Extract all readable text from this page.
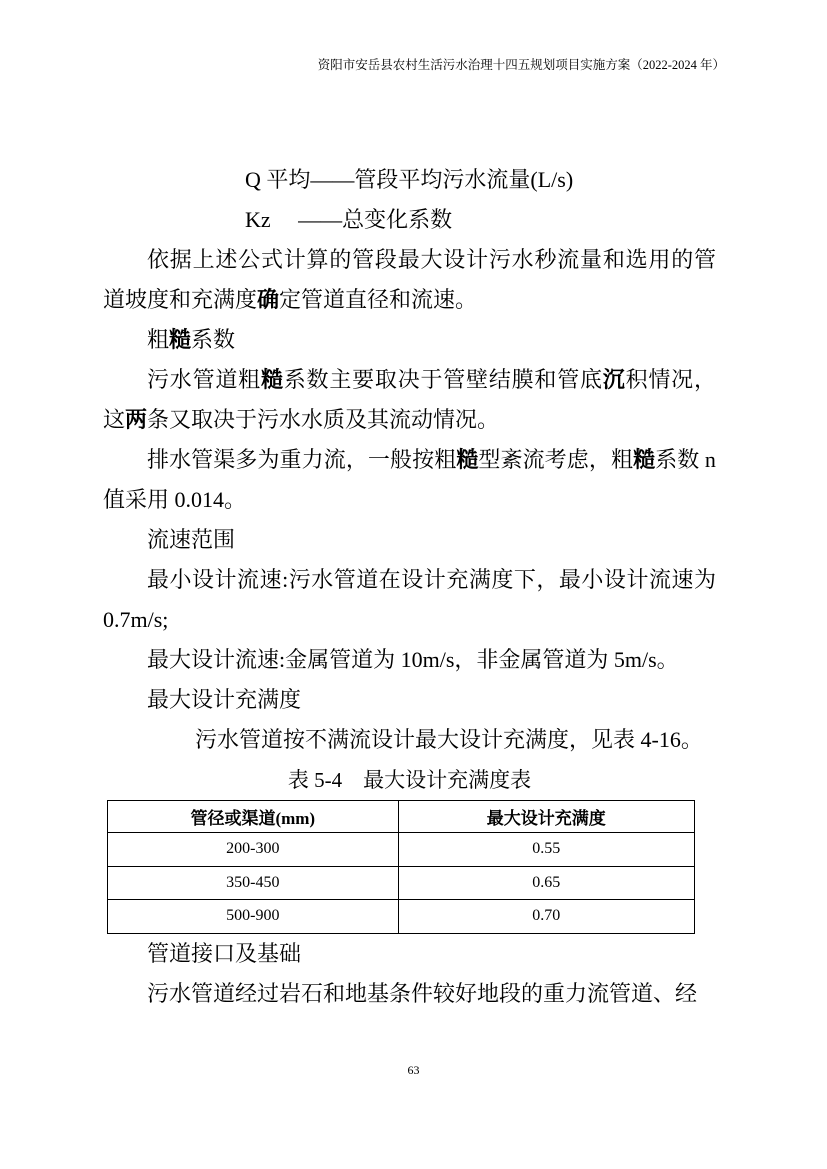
资阳市安岳县农村生活污水治理十四五规划项目实施方案（2022-2024 年）

Q 平均——管段平均污水流量(L/s)

Kz　 ——总变化系数

依据上述公式计算的管段最大设计污水秒流量和选用的管道坡度和充满度确定管道直径和流速。

粗糙系数

污水管道粗糙系数主要取决于管壁结膜和管底沉积情况，这两条又取决于污水水质及其流动情况。

排水管渠多为重力流，一般按粗糙型紊流考虑，粗糙系数 n 值采用 0.014。

流速范围

最小设计流速:污水管道在设计充满度下，最小设计流速为 0.7m/s;

最大设计流速:金属管道为 10m/s，非金属管道为 5m/s。

最大设计充满度

污水管道按不满流设计最大设计充满度，见表 4-16。

表 5-4　最大设计充满度表

管径或渠道(mm)	最大设计充满度
200-300	0.55
350-450	0.65
500-900	0.70

管道接口及基础

污水管道经过岩石和地基条件较好地段的重力流管道、经

63
